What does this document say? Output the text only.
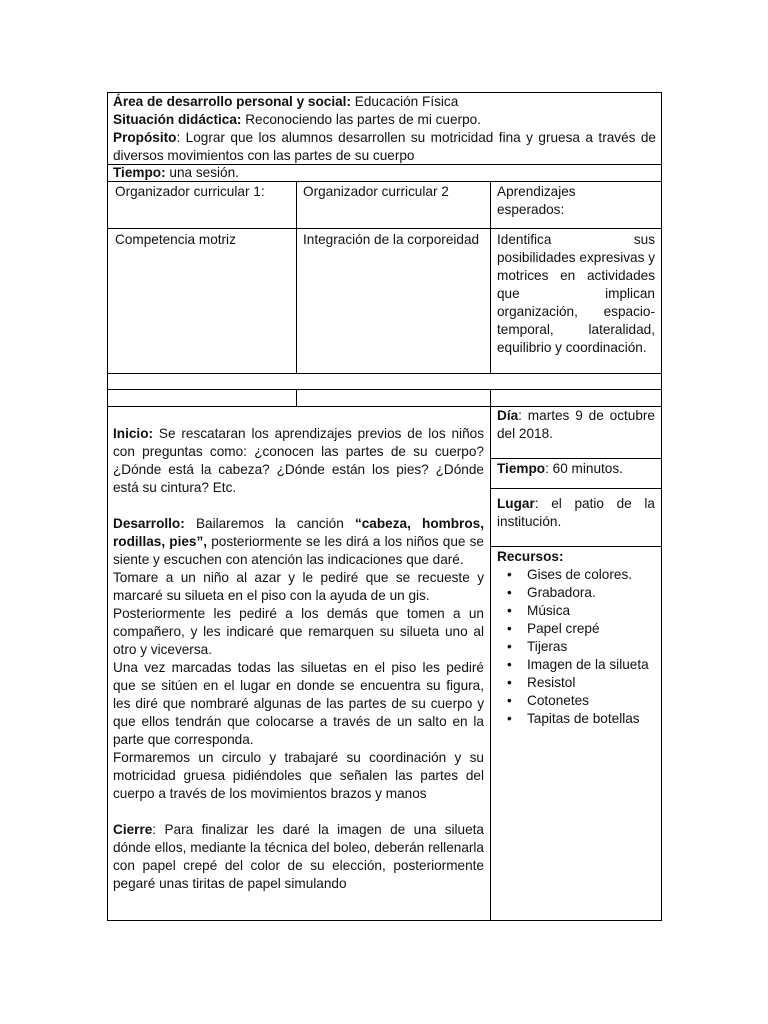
Área de desarrollo personal y social: Educación Física
Situación didáctica: Reconociendo las partes de mi cuerpo.
Propósito: Lograr que los alumnos desarrollen su motricidad fina y gruesa a través de diversos movimientos con las partes de su cuerpo
Tiempo: una sesión.
Organizador curricular 1:	Organizador curricular 2	Aprendizajes esperados:
Competencia motriz	Integración de la corporeidad	Identifica sus posibilidades expresivas y motrices en actividades que implican organización, espacio-temporal, lateralidad, equilibrio y coordinación.
Inicio: Se rescataran los aprendizajes previos de los niños con preguntas como: ¿conocen las partes de su cuerpo? ¿Dónde está la cabeza? ¿Dónde están los pies? ¿Dónde está su cintura? Etc.
Desarrollo: Bailaremos la canción “cabeza, hombros, rodillas, pies”, posteriormente se les dirá a los niños que se siente y escuchen con atención las indicaciones que daré.
Tomare a un niño al azar y le pediré que se recueste y marcaré su silueta en el piso con la ayuda de un gis.
Posteriormente les pediré a los demás que tomen a un compañero, y les indicaré que remarquen su silueta uno al otro y viceversa.
Una vez marcadas todas las siluetas en el piso les pediré que se sitúen en el lugar en donde se encuentra su figura, les diré que nombraré algunas de las partes de su cuerpo y que ellos tendrán que colocarse a través de un salto en la parte que corresponda.
Formaremos un circulo y trabajaré su coordinación y su motricidad gruesa pidiéndoles que señalen las partes del cuerpo a través de los movimientos brazos y manos
Cierre: Para finalizar les daré la imagen de una silueta dónde ellos, mediante la técnica del boleo, deberán rellenarla con papel crepé del color de su elección, posteriormente pegaré unas tiritas de papel simulando
Día: martes 9 de octubre del 2018.
Tiempo: 60 minutos.
Lugar: el patio de la institución.
Recursos:
• Gises de colores.
• Grabadora.
• Música
• Papel crepé
• Tijeras
• Imagen de la silueta
• Resistol
• Cotonetes
• Tapitas de botellas
